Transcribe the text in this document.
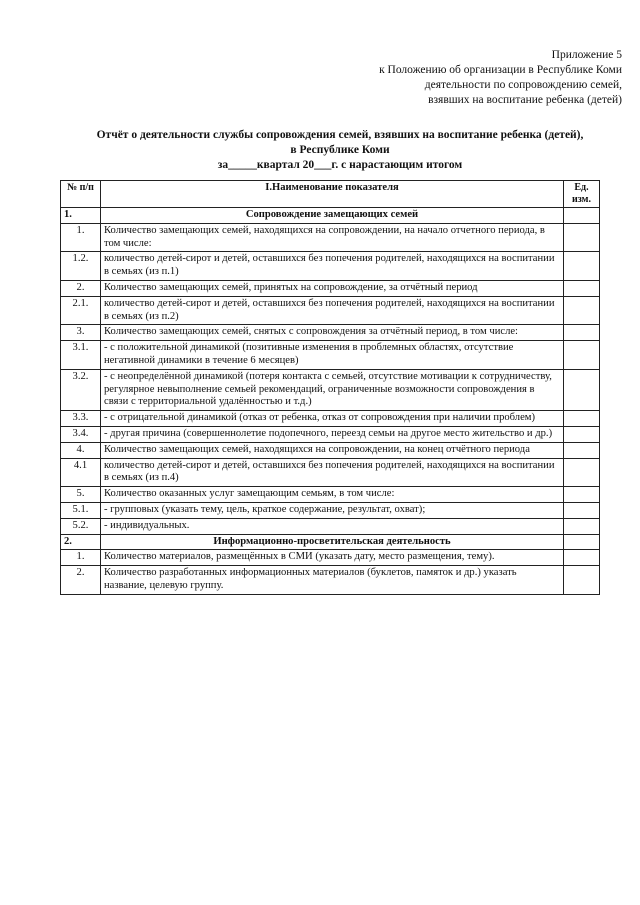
Приложение 5
к Положению об организации в Республике Коми
деятельности по сопровождению семей,
взявших на воспитание ребенка (детей)
Отчёт о деятельности службы сопровождения семей, взявших на воспитание ребенка (детей),
в Республике Коми
за_____квартал 20___г. с нарастающим итогом
№ п/п	I.Наименование показателя	Ед. изм.
1.	Сопровождение замещающих семей	
1.	Количество замещающих семей, находящихся на сопровождении, на начало отчетного периода, в том числе:	
1.2.	количество детей-сирот и детей, оставшихся без попечения родителей, находящихся на воспитании в семьях (из п.1)	
2.	Количество замещающих семей, принятых на сопровождение, за отчётный период	
2.1.	количество детей-сирот и детей, оставшихся без попечения родителей, находящихся на воспитании в семьях (из п.2)	
3.	Количество замещающих семей, снятых с сопровождения за отчётный период, в том числе:	
3.1.	- с положительной динамикой (позитивные изменения в проблемных областях, отсутствие негативной динамики в течение 6 месяцев)	
3.2.	- с неопределённой динамикой (потеря контакта с семьей, отсутствие мотивации к сотрудничеству, регулярное невыполнение семьей рекомендаций, ограниченные возможности сопровождения в связи с территориальной удалённостью и т.д.)	
3.3.	- с отрицательной динамикой (отказ от ребенка, отказ от сопровождения при наличии проблем)	
3.4.	- другая причина (совершеннолетие подопечного, переезд семьи на другое место жительство и др.)	
4.	Количество замещающих семей, находящихся на сопровождении, на конец отчётного периода	
4.1	количество детей-сирот и детей, оставшихся без попечения родителей, находящихся на воспитании в семьях (из п.4)	
5.	Количество оказанных услуг замещающим семьям, в том числе:	
5.1.	- групповых (указать тему, цель, краткое содержание, результат, охват);	
5.2.	- индивидуальных.	
2.	Информационно-просветительская деятельность	
1.	Количество материалов, размещённых в СМИ (указать дату, место размещения, тему).	
2.	Количество разработанных информационных материалов (буклетов, памяток и др.) указать название, целевую группу.	
